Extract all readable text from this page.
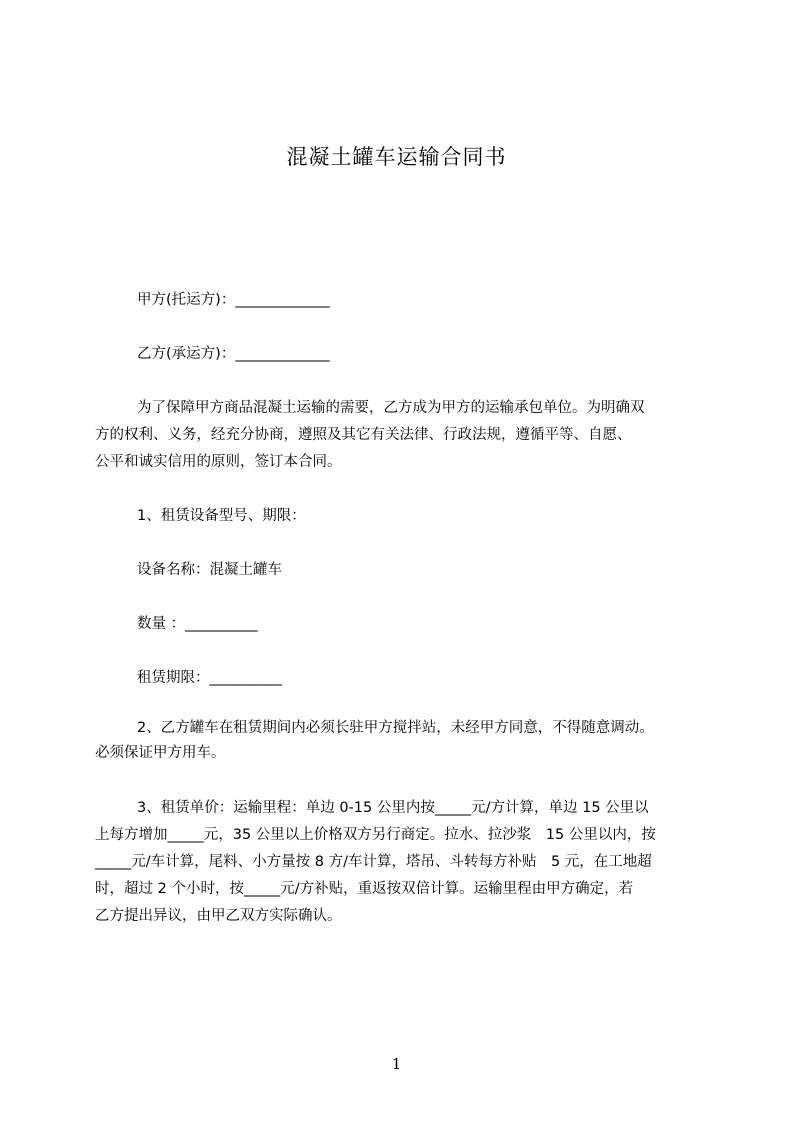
混凝土罐车运输合同书
甲方(托运方)：_____________
乙方(承运方)：_____________
为了保障甲方商品混凝土运输的需要，乙方成为甲方的运输承包单位。为明确双
方的权利、义务，经充分协商，遵照及其它有关法律、行政法规，遵循平等、自愿、
公平和诚实信用的原则，签订本合同。
1、租赁设备型号、期限：
设备名称：混凝土罐车
数量 ：__________
租赁期限：__________
2、乙方罐车在租赁期间内必须长驻甲方搅拌站，未经甲方同意，不得随意调动。
必须保证甲方用车。
3、租赁单价：运输里程：单边 0-15 公里内按_____元/方计算，单边 15 公里以
上每方增加_____元，35 公里以上价格双方另行商定。拉水、拉沙浆　15 公里以内，按
_____元/车计算，尾料、小方量按 8 方/车计算，塔吊、斗转每方补贴　5 元，在工地超
时，超过 2 个小时，按_____元/方补贴，重返按双倍计算。运输里程由甲方确定，若
乙方提出异议，由甲乙双方实际确认。
1
